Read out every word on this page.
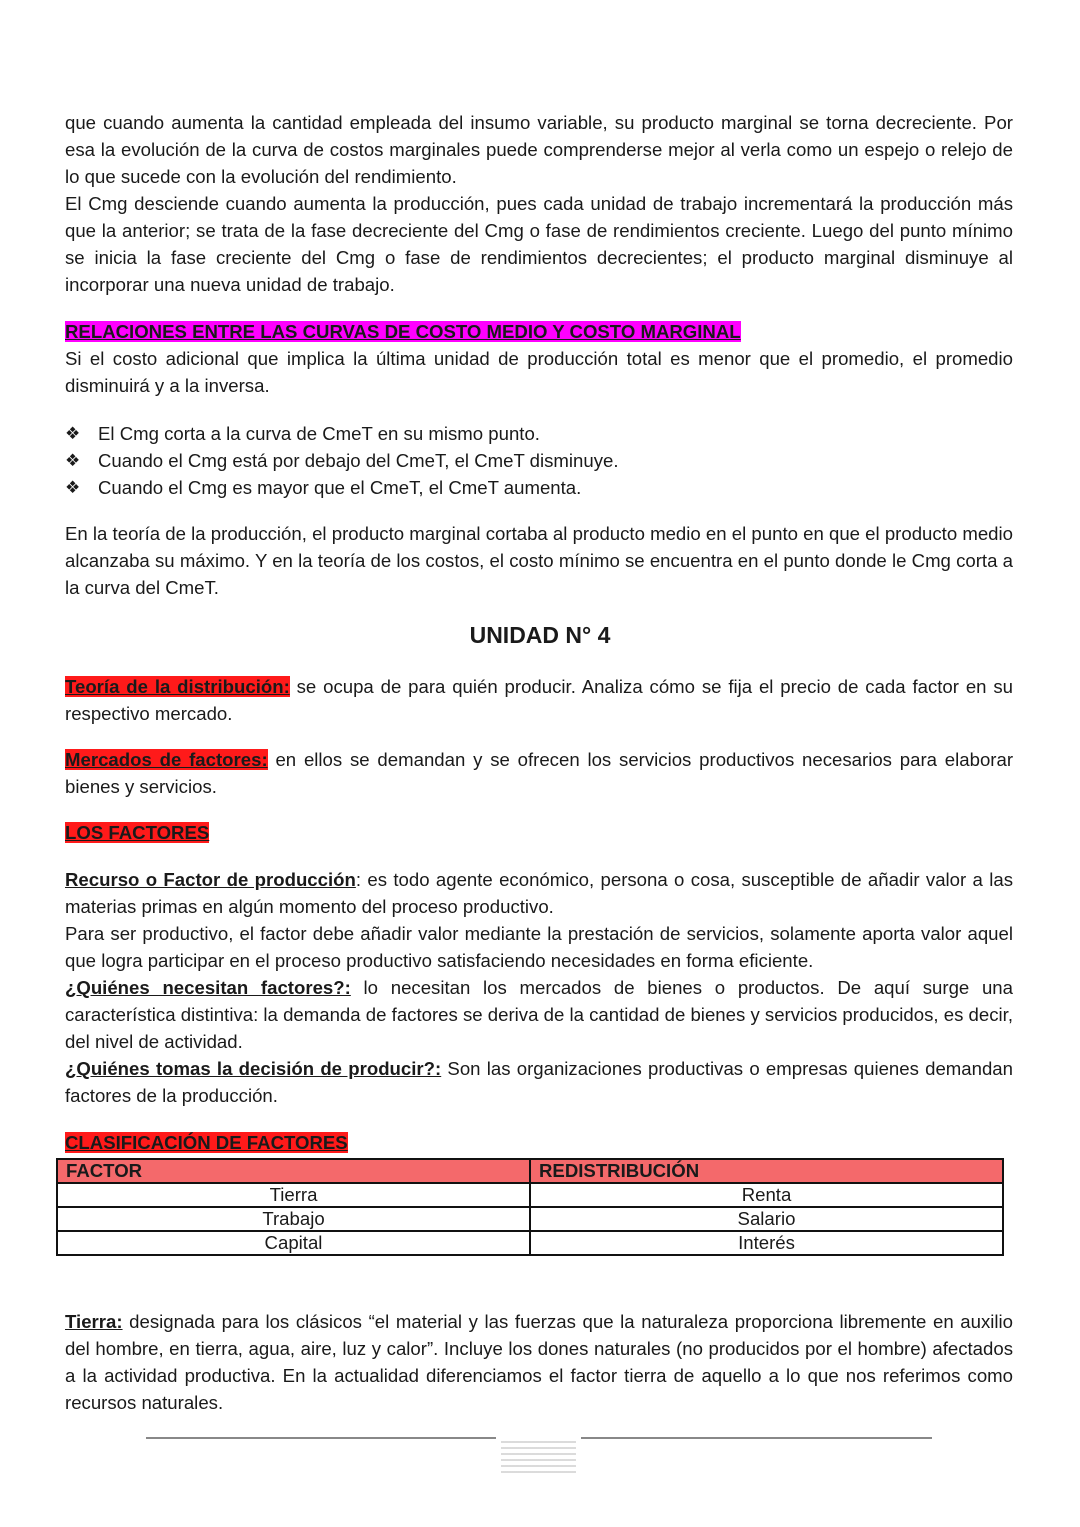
que cuando aumenta la cantidad empleada del insumo variable, su producto marginal se torna decreciente. Por esa la evolución de la curva de costos marginales puede comprenderse mejor al verla como un espejo o relejo de lo que sucede con la evolución del rendimiento.

El Cmg desciende cuando aumenta la producción, pues cada unidad de trabajo incrementará la producción más que la anterior; se trata de la fase decreciente del Cmg o fase de rendimientos creciente. Luego del punto mínimo se inicia la fase creciente del Cmg o fase de rendimientos decrecientes; el producto marginal disminuye al incorporar una nueva unidad de trabajo.

RELACIONES ENTRE LAS CURVAS DE COSTO MEDIO Y COSTO MARGINAL

Si el costo adicional que implica la última unidad de producción total es menor que el promedio, el promedio disminuirá y a la inversa.

❖ El Cmg corta a la curva de CmeT en su mismo punto.
❖ Cuando el Cmg está por debajo del CmeT, el CmeT disminuye.
❖ Cuando el Cmg es mayor que el CmeT, el CmeT aumenta.
En la teoría de la producción, el producto marginal cortaba al producto medio en el punto en que el producto medio alcanzaba su máximo. Y en la teoría de los costos, el costo mínimo se encuentra en el punto donde le Cmg corta a la curva del CmeT.
UNIDAD N° 4
Teoría de la distribución: se ocupa de para quién producir. Analiza cómo se fija el precio de cada factor en su respectivo mercado.
Mercados de factores: en ellos se demandan y se ofrecen los servicios productivos necesarios para elaborar bienes y servicios.
LOS FACTORES

Recurso o Factor de producción: es todo agente económico, persona o cosa, susceptible de añadir valor a las materias primas en algún momento del proceso productivo.

Para ser productivo, el factor debe añadir valor mediante la prestación de servicios, solamente aporta valor aquel que logra participar en el proceso productivo satisfaciendo necesidades en forma eficiente.

¿Quiénes necesitan factores?: lo necesitan los mercados de bienes o productos. De aquí surge una característica distintiva: la demanda de factores se deriva de la cantidad de bienes y servicios producidos, es decir, del nivel de actividad.

¿Quiénes tomas la decisión de producir?: Son las organizaciones productivas o empresas quienes demandan factores de la producción.

CLASIFICACIÓN DE FACTORES
FACTOR	REDISTRIBUCIÓN
Tierra	Renta
Trabajo	Salario
Capital	Interés
Tierra: designada para los clásicos “el material y las fuerzas que la naturaleza proporciona libremente en auxilio del hombre, en tierra, agua, aire, luz y calor”. Incluye los dones naturales (no producidos por el hombre) afectados a la actividad productiva. En la actualidad diferenciamos el factor tierra de aquello a lo que nos referimos como recursos naturales.
